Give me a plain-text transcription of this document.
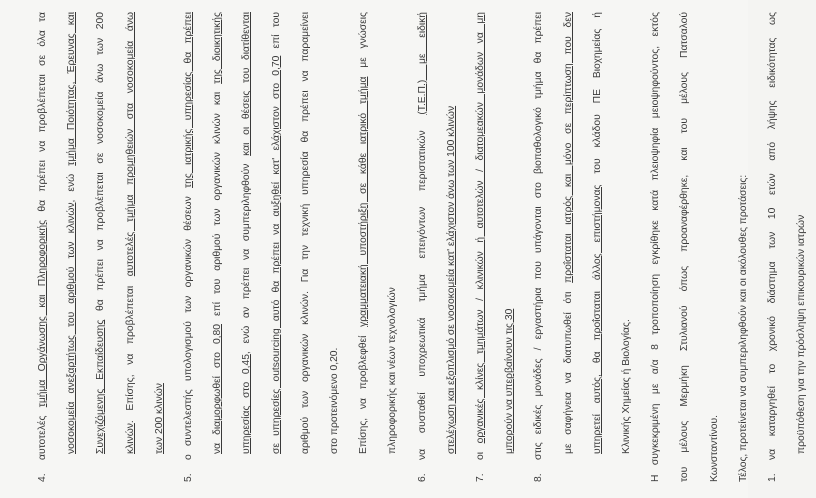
4.αυτοτελές τμήμα Οργάνωσης και Πληροφορικής θα πρέπει να προβλέπεται σε όλα τα
νοσοκομεία ανεξαρτήτως του αριθμού των κλινών, ενώ τμήμα Ποιότητας, Έρευνας και
Συνεχιζόμενης Εκπαίδευσης θα πρέπει να προβλέπεται σε νοσοκομεία άνω των 200
κλινών. Επίσης, να προβλέπεται αυτοτελές τμήμα προμηθειών στα νοσοκομεία άνω
των 200 κλινών
5.ο συντελεστής υπολογισμού των οργανικών θέσεων της ιατρικής υπηρεσίας θα πρέπει
να διαμορφωθεί στο 0,80 επί του αριθμού των οργανικών κλινών και της διοικητικής
υπηρεσίας στο 0,45, ενώ αν πρέπει να συμπεριληφθούν και οι θέσεις του διατίθενται	σε υπηρεσίες outsourcing αυτό θα πρέπει να αυξηθεί κατ' ελάχιστον στο 0,70 επί του	αριθμού των οργανικών κλινών. Για την τεχνική υπηρεσία θα πρέπει να παραμείνει	στο προτεινόμενο 0,20.	Επίσης, να προβλεφθεί γραμματειακή υποστήριξη σε κάθε ιατρικό τμήμα με γνώσεις
πληροφορικής και νέων τεχνολογιών
6.να συσταθεί υποχρεωτικά τμήμα επειγόντων περιστατικών (Τ.Ε.Π.) με ειδική
στελέχωση και εξοπλισμό σε νοσοκομεία κατ' ελάχιστον άνω των 100 κλινών
7.οι οργανικές κλίνες τμημάτων / κλινικών ή αυτοτελών / διατομεακών μονάδων να μη	μπορούν να υπερβαίνουν τις 30
8.στις ειδικές μονάδες / εργαστήρια που υπάγονται στο βιοπαθολογικό τμήμα θα πρέπει	με σαφήνεια να διατυπωθεί ότι προΐσταται ιατρός και μόνο σε περίπτωση που δεν
υπηρετεί αυτός, θα προΐσταται άλλος επιστήμονας του κλάδου ΠΕ Βιοχημείας ή
Κλινικής Χημείας ή Βιολογίας.	Η συγκεκριμένη με α/α 8 τροποποίηση εγκρίθηκε κατά πλειοψηφία μειοψηφούντος, εκτός	του μέλους Μερμήκη Στυλιανού όπως προαναφέρθηκε, και του μέλους Πατσαλού	Κωνσταντίνου.	Τέλος, προτείνεται να συμπεριληφθούν και οι ακόλουθες προτάσεις:	1.να καταργηθεί το χρονικό διάστημα των 10 ετών από λήψης ειδικότητας ως	προϋπόθεση για την πρόσληψη επικουρικών ιατρών
